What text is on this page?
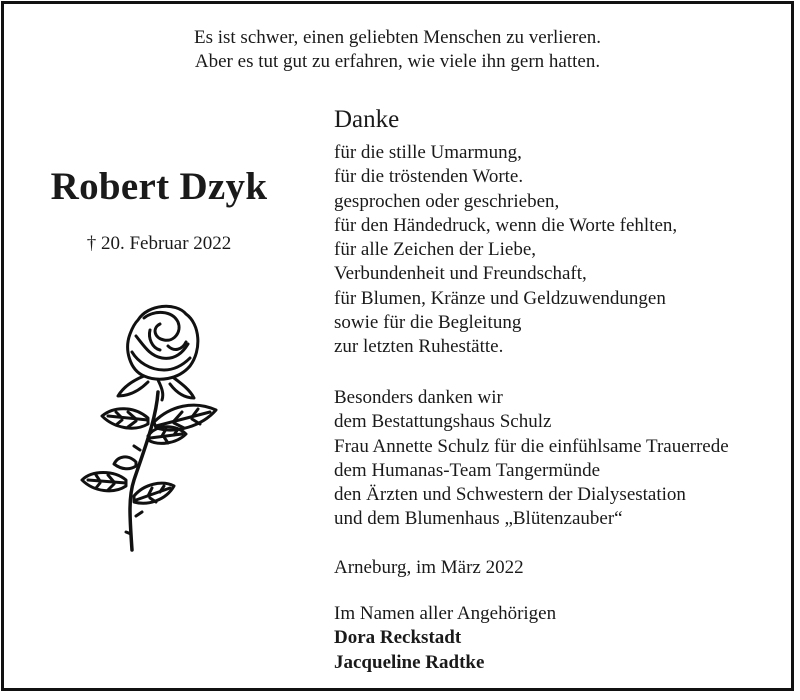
Es ist schwer, einen geliebten Menschen zu verlieren.
Aber es tut gut zu erfahren, wie viele ihn gern hatten.
Robert Dzyk
† 20. Februar 2022
Danke
für die stille Umarmung,
für die tröstenden Worte.
gesprochen oder geschrieben,
für den Händedruck, wenn die Worte fehlten,
für alle Zeichen der Liebe,
Verbundenheit und Freundschaft,
für Blumen, Kränze und Geldzuwendungen
sowie für die Begleitung
zur letzten Ruhestätte.
Besonders danken wir
dem Bestattungshaus Schulz
Frau Annette Schulz für die einfühlsame Trauerrede
dem Humanas-Team Tangermünde
den Ärzten und Schwestern der Dialysestation
und dem Blumenhaus „Blütenzauber“
Arneburg, im März 2022
Im Namen aller Angehörigen
Dora Reckstadt
Jacqueline Radtke
